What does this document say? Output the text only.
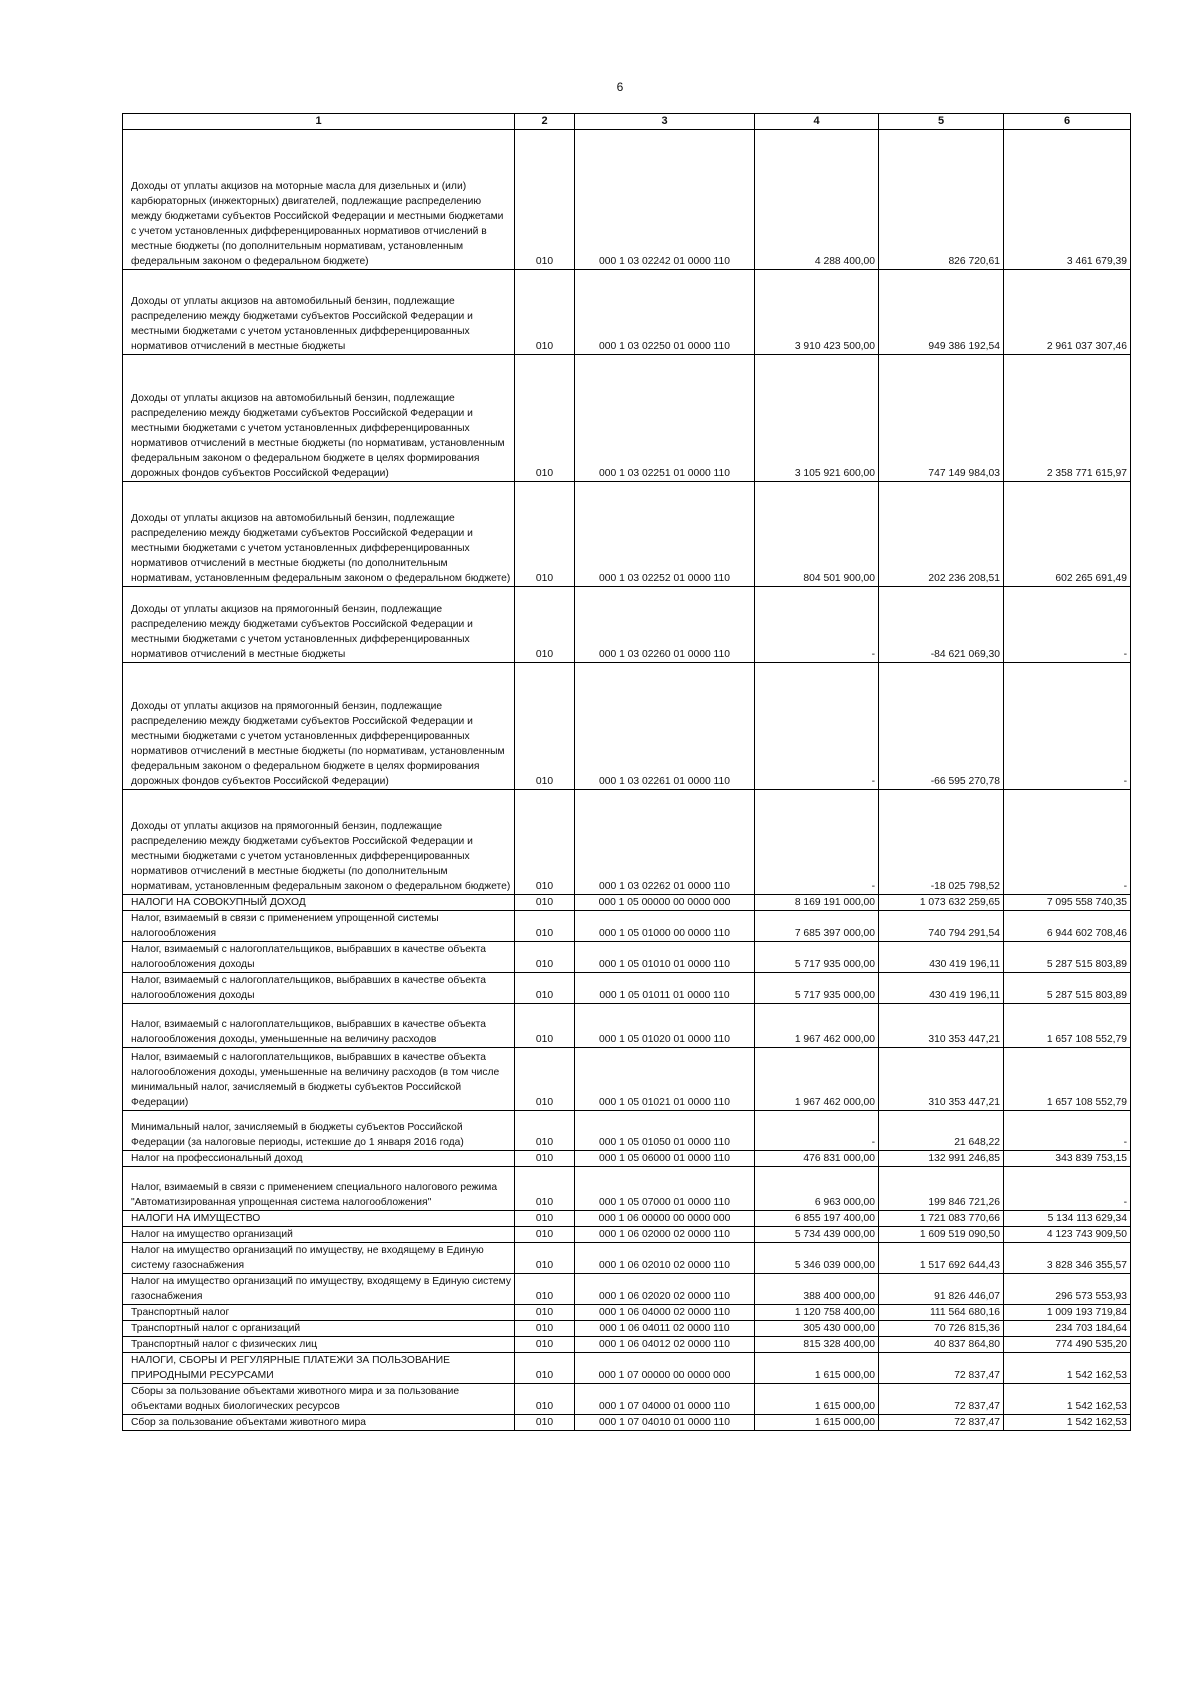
6
1	2	3	4	5	6
Доходы от уплаты акцизов на моторные масла для дизельных и (или) карбюраторных (инжекторных) двигателей, подлежащие распределению между бюджетами субъектов Российской Федерации и местными бюджетами с учетом установленных дифференцированных нормативов отчислений в местные бюджеты (по дополнительным нормативам, установленным федеральным законом о федеральном бюджете)	010	000 1 03 02242 01 0000 110	4 288 400,00	826 720,61	3 461 679,39
Доходы от уплаты акцизов на автомобильный бензин, подлежащие распределению между бюджетами субъектов Российской Федерации и местными бюджетами с учетом установленных дифференцированных нормативов отчислений в местные бюджеты	010	000 1 03 02250 01 0000 110	3 910 423 500,00	949 386 192,54	2 961 037 307,46
Доходы от уплаты акцизов на автомобильный бензин, подлежащие распределению между бюджетами субъектов Российской Федерации и местными бюджетами с учетом установленных дифференцированных нормативов отчислений в местные бюджеты (по нормативам, установленным федеральным законом о федеральном бюджете в целях формирования дорожных фондов субъектов Российской Федерации)	010	000 1 03 02251 01 0000 110	3 105 921 600,00	747 149 984,03	2 358 771 615,97
Доходы от уплаты акцизов на автомобильный бензин, подлежащие распределению между бюджетами субъектов Российской Федерации и местными бюджетами с учетом установленных дифференцированных нормативов отчислений в местные бюджеты (по дополнительным нормативам, установленным федеральным законом о федеральном бюджете)	010	000 1 03 02252 01 0000 110	804 501 900,00	202 236 208,51	602 265 691,49
Доходы от уплаты акцизов на прямогонный бензин, подлежащие распределению между бюджетами субъектов Российской Федерации и местными бюджетами с учетом установленных дифференцированных нормативов отчислений в местные бюджеты	010	000 1 03 02260 01 0000 110	-	-84 621 069,30	-
Доходы от уплаты акцизов на прямогонный бензин, подлежащие распределению между бюджетами субъектов Российской Федерации и местными бюджетами с учетом установленных дифференцированных нормативов отчислений в местные бюджеты (по нормативам, установленным федеральным законом о федеральном бюджете в целях формирования дорожных фондов субъектов Российской Федерации)	010	000 1 03 02261 01 0000 110	-	-66 595 270,78	-
Доходы от уплаты акцизов на прямогонный бензин, подлежащие распределению между бюджетами субъектов Российской Федерации и местными бюджетами с учетом установленных дифференцированных нормативов отчислений в местные бюджеты (по дополнительным нормативам, установленным федеральным законом о федеральном бюджете)	010	000 1 03 02262 01 0000 110	-	-18 025 798,52	-
НАЛОГИ НА СОВОКУПНЫЙ ДОХОД	010	000 1 05 00000 00 0000 000	8 169 191 000,00	1 073 632 259,65	7 095 558 740,35
Налог, взимаемый в связи с применением упрощенной системы налогообложения	010	000 1 05 01000 00 0000 110	7 685 397 000,00	740 794 291,54	6 944 602 708,46
Налог, взимаемый с налогоплательщиков, выбравших в качестве объекта налогообложения доходы	010	000 1 05 01010 01 0000 110	5 717 935 000,00	430 419 196,11	5 287 515 803,89
Налог, взимаемый с налогоплательщиков, выбравших в качестве объекта налогообложения доходы	010	000 1 05 01011 01 0000 110	5 717 935 000,00	430 419 196,11	5 287 515 803,89
Налог, взимаемый с налогоплательщиков, выбравших в качестве объекта налогообложения доходы, уменьшенные на величину расходов	010	000 1 05 01020 01 0000 110	1 967 462 000,00	310 353 447,21	1 657 108 552,79
Налог, взимаемый с налогоплательщиков, выбравших в качестве объекта налогообложения доходы, уменьшенные на величину расходов (в том числе минимальный налог, зачисляемый в бюджеты субъектов Российской Федерации)	010	000 1 05 01021 01 0000 110	1 967 462 000,00	310 353 447,21	1 657 108 552,79
Минимальный налог, зачисляемый в бюджеты субъектов Российской Федерации (за налоговые периоды, истекшие до 1 января 2016 года)	010	000 1 05 01050 01 0000 110	-	21 648,22	-
Налог на профессиональный доход	010	000 1 05 06000 01 0000 110	476 831 000,00	132 991 246,85	343 839 753,15
Налог, взимаемый в связи с применением специального налогового режима "Автоматизированная упрощенная система налогообложения"	010	000 1 05 07000 01 0000 110	6 963 000,00	199 846 721,26	-
НАЛОГИ НА ИМУЩЕСТВО	010	000 1 06 00000 00 0000 000	6 855 197 400,00	1 721 083 770,66	5 134 113 629,34
Налог на имущество организаций	010	000 1 06 02000 02 0000 110	5 734 439 000,00	1 609 519 090,50	4 123 743 909,50
Налог на имущество организаций по имуществу, не входящему в Единую систему газоснабжения	010	000 1 06 02010 02 0000 110	5 346 039 000,00	1 517 692 644,43	3 828 346 355,57
Налог на имущество организаций по имуществу, входящему в Единую систему газоснабжения	010	000 1 06 02020 02 0000 110	388 400 000,00	91 826 446,07	296 573 553,93
Транспортный налог	010	000 1 06 04000 02 0000 110	1 120 758 400,00	111 564 680,16	1 009 193 719,84
Транспортный налог с организаций	010	000 1 06 04011 02 0000 110	305 430 000,00	70 726 815,36	234 703 184,64
Транспортный налог с физических лиц	010	000 1 06 04012 02 0000 110	815 328 400,00	40 837 864,80	774 490 535,20
НАЛОГИ, СБОРЫ И РЕГУЛЯРНЫЕ ПЛАТЕЖИ ЗА ПОЛЬЗОВАНИЕ ПРИРОДНЫМИ РЕСУРСАМИ	010	000 1 07 00000 00 0000 000	1 615 000,00	72 837,47	1 542 162,53
Сборы за пользование объектами животного мира и за пользование объектами водных биологических ресурсов	010	000 1 07 04000 01 0000 110	1 615 000,00	72 837,47	1 542 162,53
Сбор за пользование объектами животного мира	010	000 1 07 04010 01 0000 110	1 615 000,00	72 837,47	1 542 162,53
